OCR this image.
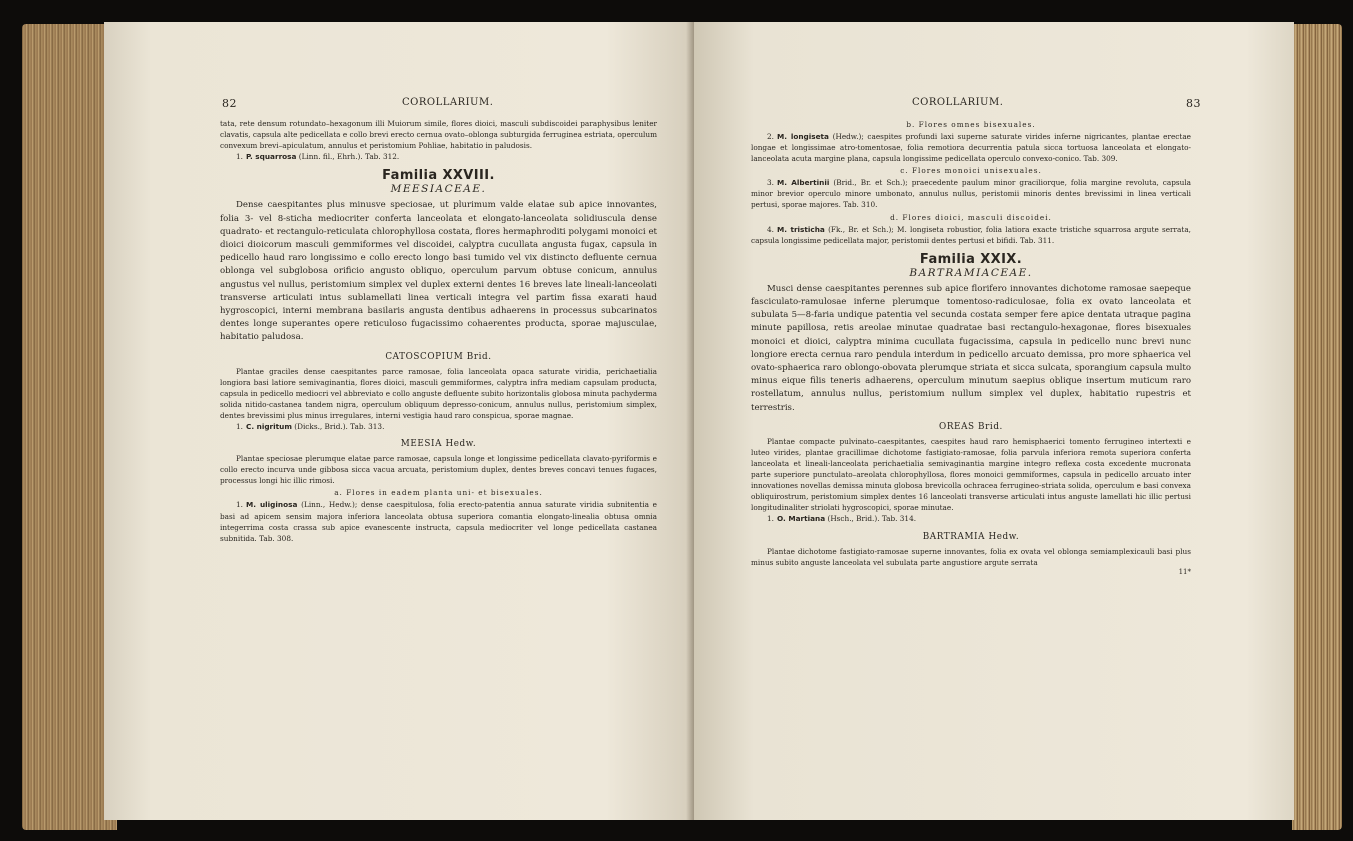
82	COROLLARIUM.

tata, rete densum rotundato–hexagonum illi Muiorum simile, flores dioici, masculi subdiscoidei paraphysibus leniter clavatis, capsula alte pedicellata e collo brevi erecto cernua ovato–oblonga subturgida ferruginea estriata, operculum convexum brevi–apiculatum, annulus et peristomium Pohliae, habitatio in paludosis.

1. P. squarrosa (Linn. fil., Ehrh.). Tab. 312.

Familia XXVIII.
MEESIACEAE.

Dense caespitantes plus minusve speciosae, ut plurimum valde elatae sub apice innovantes, folia 3- vel 8-sticha mediocriter conferta lanceolata et elongato-lanceolata solidiuscula dense quadrato- et rectangulo-reticulata chlorophyllosa costata, flores hermaphroditi polygami monoici et dioici dioicorum masculi gemmiformes vel discoidei, calyptra cucullata angusta fugax, capsula in pedicello haud raro longissimo e collo erecto longo basi tumido vel vix distincto defluente cernua oblonga vel subglobosa orificio angusto obliquo, operculum parvum obtuse conicum, annulus angustus vel nullus, peristomium simplex vel duplex externi dentes 16 breves late lineali-lanceolati transverse articulati intus sublamellati linea verticali integra vel partim fissa exarati haud hygroscopici, interni membrana basilaris angusta dentibus adhaerens in processus subcarinatos dentes longe superantes opere reticuloso fugacissimo cohaerentes producta, sporae majusculae, habitatio paludosa.

CATOSCOPIUM Brid.

Plantae graciles dense caespitantes parce ramosae, folia lanceolata opaca saturate viridia, perichaetialia longiora basi latiore semivaginantia, flores dioici, masculi gemmiformes, calyptra infra mediam capsulam producta, capsula in pedicello mediocri vel abbreviato e collo anguste defluente subito horizontalis globosa minuta pachyderma solida nitido-castanea tandem nigra, operculum obliquum depresso-conicum, annulus nullus, peristomium simplex, dentes brevissimi plus minus irregulares, interni vestigia haud raro conspicua, sporae magnae.

1. C. nigritum (Dicks., Brid.). Tab. 313.

MEESIA Hedw.

Plantae speciosae plerumque elatae parce ramosae, capsula longe et longissime pedicellata clavato-pyriformis e collo erecto incurva unde gibbosa sicca vacua arcuata, peristomium duplex, dentes breves concavi tenues fugaces, processus longi hic illic rimosi.

a. Flores in eadem planta uni- et bisexuales.

1. M. uliginosa (Linn., Hedw.); dense caespitulosa, folia erecto-patentia annua saturate viridia subnitentia e basi ad apicem sensim majora inferiora lanceolata obtusa superiora comantia elongato-linealia obtusa omnia integerrima costa crassa sub apice evanescente instructa, capsula mediocriter vel longe pedicellata castanea subnitida. Tab. 308.

COROLLARIUM.	83
b. Flores omnes bisexuales.

2. M. longiseta (Hedw.); caespites profundi laxi superne saturate virides inferne nigricantes, plantae erectae longae et longissimae atro-tomentosae, folia remotiora decurrentia patula sicca tortuosa lanceolata et elongato-lanceolata acuta margine plana, capsula longissime pedicellata operculo convexo-conico. Tab. 309.

c. Flores monoici unisexuales.

3. M. Albertinii (Brid., Br. et Sch.); praecedente paulum minor graciliorque, folia margine revoluta, capsula minor brevior operculo minore umbonato, annulus nullus, peristomii minoris dentes brevissimi in linea verticali pertusi, sporae majores. Tab. 310.

d. Flores dioici, masculi discoidei.

4. M. tristicha (Fk., Br. et Sch.); M. longiseta robustior, folia latiora exacte tristiche squarrosa argute serrata, capsula longissime pedicellata major, peristomii dentes pertusi et bifidi. Tab. 311.

Familia XXIX.
BARTRAMIACEAE.

Musci dense caespitantes perennes sub apice florifero innovantes dichotome ramosae saepeque fasciculato-ramulosae inferne plerumque tomentoso-radiculosae, folia ex ovato lanceolata et subulata 5—8-faria undique patentia vel secunda costata semper fere apice dentata utraque pagina minute papillosa, retis areolae minutae quadratae basi rectangulo-hexagonae, flores bisexuales monoici et dioici, calyptra minima cucullata fugacissima, capsula in pedicello nunc brevi nunc longiore erecta cernua raro pendula interdum in pedicello arcuato demissa, pro more sphaerica vel ovato-sphaerica raro oblongo-obovata plerumque striata et sicca sulcata, sporangium capsula multo minus eique filis teneris adhaerens, operculum minutum saepius oblique insertum muticum raro rostellatum, annulus nullus, peristomium nullum simplex vel duplex, habitatio rupestris et terrestris.

OREAS Brid.

Plantae compacte pulvinato–caespitantes, caespites haud raro hemisphaerici tomento ferrugineo intertexti e luteo virides, plantae gracillimae dichotome fastigiato-ramosae, folia parvula inferiora remota superiora conferta lanceolata et lineali-lanceolata perichaetialia semivaginantia margine integro reflexa costa excedente mucronata parte superiore punctulato–areolata chlorophyllosa, flores monoici gemmiformes, capsula in pedicello arcuato inter innovationes novellas demissa minuta globosa brevicolla ochracea ferrugineo-striata solida, operculum e basi convexa obliquirostrum, peristomium simplex dentes 16 lanceolati transverse articulati intus anguste lamellati hic illic pertusi longitudinaliter striolati hygroscopici, sporae minutae.

1. O. Martiana (Hsch., Brid.). Tab. 314.

BARTRAMIA Hedw.

Plantae dichotome fastigiato-ramosae superne innovantes, folia ex ovata vel oblonga semiamplexicauli basi plus minus subito anguste lanceolata vel subulata parte angustiore argute serrata

11*
